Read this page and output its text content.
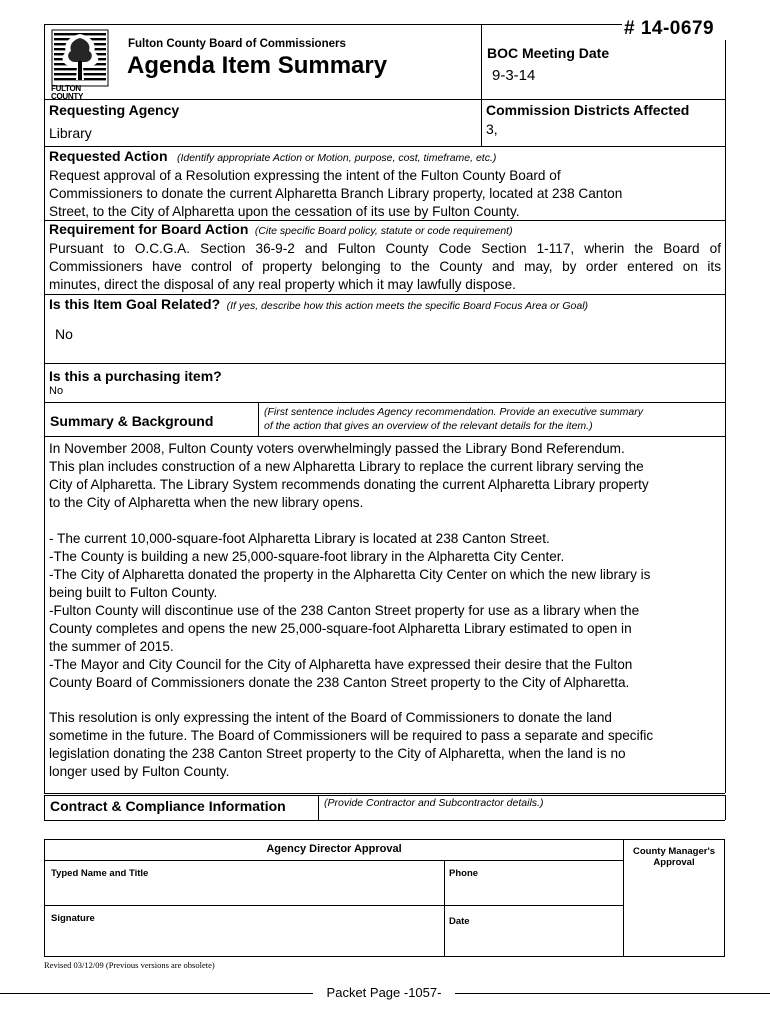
# 14-0679
FULTON COUNTY
Fulton County Board of Commissioners
Agenda Item Summary	BOC Meeting Date
9-3-14
Requesting Agency
Library
Commission Districts Affected
3,
Requested Action (Identify appropriate Action or Motion, purpose, cost, timeframe, etc.)

Request approval of a Resolution expressing the intent of the Fulton County Board of

Commissioners to donate the current Alpharetta Branch Library property, located at 238 Canton

Street, to the City of Alpharetta upon the cessation of its use by Fulton County.

Requirement for Board Action (Cite specific Board policy, statute or code requirement)

Pursuant to O.C.G.A. Section 36-9-2 and Fulton County Code Section 1-117, wherin the Board of

Commissioners have control of property belonging to the County and may, by order entered on its

minutes, direct the disposal of any real property which it may lawfully dispose.

Is this Item Goal Related? (If yes, describe how this action meets the specific Board Focus Area or Goal)
No
Is this a purchasing item?
No
Summary & Background

(First sentence includes Agency recommendation. Provide an executive summary

of the action that gives an overview of the relevant details for the item.)

In November 2008, Fulton County voters overwhelmingly passed the Library Bond Referendum.

This plan includes construction of a new Alpharetta Library to replace the current library serving the

City of Alpharetta. The Library System recommends donating the current Alpharetta Library property

to the City of Alpharetta when the new library opens.

- The current 10,000-square-foot Alpharetta Library is located at 238 Canton Street.

-The County is building a new 25,000-square-foot library in the Alpharetta City Center.

-The City of Alpharetta donated the property in the Alpharetta City Center on which the new library is

being built to Fulton County.

-Fulton County will discontinue use of the 238 Canton Street property for use as a library when the

County completes and opens the new 25,000-square-foot Alpharetta Library estimated to open in

the summer of 2015.

-The Mayor and City Council for the City of Alpharetta have expressed their desire that the Fulton

County Board of Commissioners donate the 238 Canton Street property to the City of Alpharetta.

This resolution is only expressing the intent of the Board of Commissioners to donate the land

sometime in the future. The Board of Commissioners will be required to pass a separate and specific

legislation donating the 238 Canton Street property to the City of Alpharetta, when the land is no

longer used by Fulton County.

Contract & Compliance Information	(Provide Contractor and Subcontractor details.)
Agency Director Approval	County Manager's

Approval

Typed Name and Title	Phone
Signature	Date
Revised 03/12/09 (Previous versions are obsolete)
Packet Page -1057-
